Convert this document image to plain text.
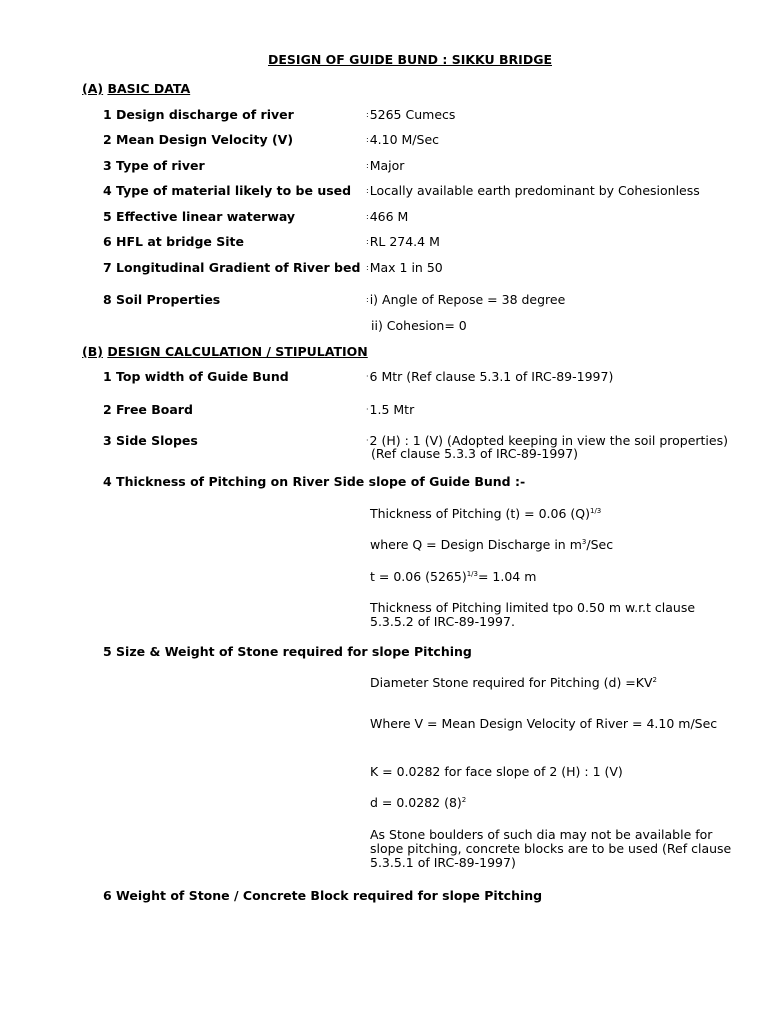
DESIGN OF GUIDE BUND : SIKKU BRIDGE
(A) BASIC DATA
1 Design discharge of river	:5265 Cumecs
2 Mean Design Velocity (V)	:4.10 M/Sec
3 Type of river	:Major
4 Type of material likely to be used :Locally available earth predominant by Cohesionless
5 Effective linear waterway	:466 M
6 HFL at bridge Site	:RL 274.4 M
7 Longitudinal Gradient of River bed :Max 1 in 50
8 Soil Properties	:i) Angle of Repose = 38 degree
ii) Cohesion= 0
(B) DESIGN CALCULATION / STIPULATION
1 Top width of Guide Bund	·6 Mtr (Ref clause 5.3.1 of IRC-89-1997)
2 Free Board	·1.5 Mtr
3 Side Slopes	·2 (H) : 1 (V) (Adopted keeping in view the soil properties)
(Ref clause 5.3.3 of IRC-89-1997)
4 Thickness of Pitching on River Side slope of Guide Bund :-
Thickness of Pitching (t) = 0.06 $(Q)^{1/3}$
where Q = Design Discharge in $m^3$/Sec
t = 0.06 $(5265)^{1/3}= 1.04$ m
Thickness of Pitching limited tpo 0.50 m w.r.t clause 5.3.5.2 of IRC-89-1997.
5 Size & Weight of Stone required for slope Pitching
Diameter Stone required for Pitching $(d) =KV^2$
Where V = Mean Design Velocity of River = 4.10 m/Sec
K = 0.0282 for face slope of 2 (H) : 1 (V)
d = 0.0282 $(8)^2$
As Stone boulders of such dia may not be available for slope pitching, concrete blocks are to be used (Ref clause 5.3.5.1 of IRC-89-1997)
6 Weight of Stone / Concrete Block required for slope Pitching
